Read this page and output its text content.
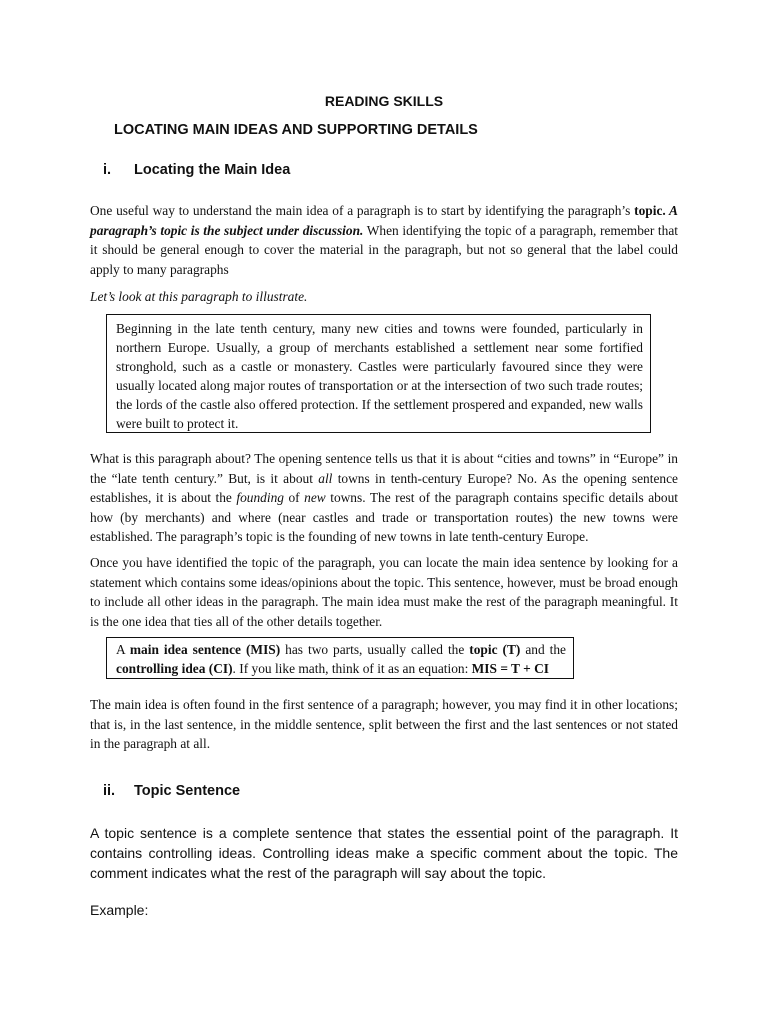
READING SKILLS
LOCATING MAIN IDEAS AND SUPPORTING DETAILS
i. Locating the Main Idea
One useful way to understand the main idea of a paragraph is to start by identifying the paragraph’s topic. A paragraph’s topic is the subject under discussion. When identifying the topic of a paragraph, remember that it should be general enough to cover the material in the paragraph, but not so general that the label could apply to many paragraphs
Let’s look at this paragraph to illustrate.
Beginning in the late tenth century, many new cities and towns were founded, particularly in northern Europe. Usually, a group of merchants established a settlement near some fortified stronghold, such as a castle or monastery. Castles were particularly favoured since they were usually located along major routes of transportation or at the intersection of two such trade routes; the lords of the castle also offered protection. If the settlement prospered and expanded, new walls were built to protect it.
What is this paragraph about? The opening sentence tells us that it is about “cities and towns” in “Europe” in the “late tenth century.” But, is it about all towns in tenth-century Europe? No. As the opening sentence establishes, it is about the founding of new towns. The rest of the paragraph contains specific details about how (by merchants) and where (near castles and trade or transportation routes) the new towns were established. The paragraph’s topic is the founding of new towns in late tenth-century Europe.
Once you have identified the topic of the paragraph, you can locate the main idea sentence by looking for a statement which contains some ideas/opinions about the topic. This sentence, however, must be broad enough to include all other ideas in the paragraph. The main idea must make the rest of the paragraph meaningful. It is the one idea that ties all of the other details together.
A main idea sentence (MIS) has two parts, usually called the topic (T) and the controlling idea (CI). If you like math, think of it as an equation: MIS = T + CI
The main idea is often found in the first sentence of a paragraph; however, you may find it in other locations; that is, in the last sentence, in the middle sentence, split between the first and the last sentences or not stated in the paragraph at all.
ii. Topic Sentence
A topic sentence is a complete sentence that states the essential point of the paragraph. It contains controlling ideas. Controlling ideas make a specific comment about the topic. The comment indicates what the rest of the paragraph will say about the topic.
Example:
